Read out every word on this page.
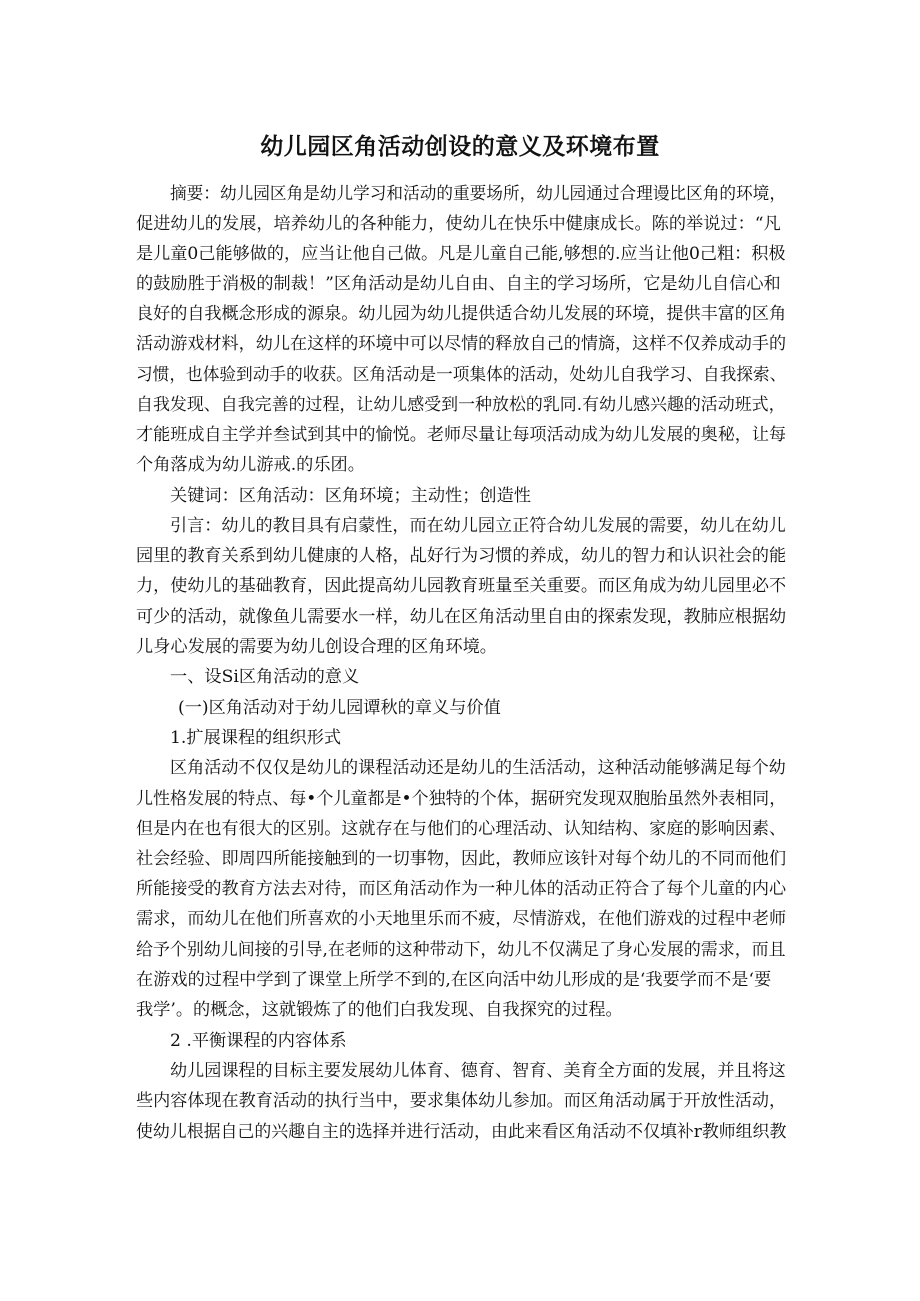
幼儿园区角活动创设的意义及环境布置

摘要：幼儿园区角是幼儿学习和活动的重要场所，幼儿园通过合理谩比区角的环境，

促进幼儿的发展，培养幼儿的各种能力，使幼儿在快乐中健康成长。陈的举说过：“凡

是儿童0己能够做的，应当让他自己做。凡是儿童自己能,够想的.应当让他0己粗：积极

的鼓励胜于消极的制裁！”区角活动是幼儿自由、自主的学习场所，它是幼儿自信心和

良好的自我概念形成的源泉。幼儿园为幼儿提供适合幼儿发展的环境，提供丰富的区角

活动游戏材料，幼儿在这样的环境中可以尽情的释放自己的情旖，这样不仅养成动手的

习惯，也体验到动手的收获。区角活动是一项集体的活动，处幼儿自我学习、自我探索、

自我发现、自我完善的过程，让幼儿感受到一种放松的乳同.有幼儿感兴趣的活动班式，

才能班成自主学并叁试到其中的愉悦。老师尽量让每项活动成为幼儿发展的奥秘，让每

个角落成为幼儿游戒.的乐团。

关键词：区角活动：区角环境；主动性；创造性

引言：幼儿的教目具有启蒙性，而在幼儿园立正符合幼儿发展的需要，幼儿在幼儿

园里的教育关系到幼儿健康的人格，乩好行为习惯的养成，幼儿的智力和认识社会的能

力，使幼儿的基础教育，因此提高幼儿园教育班量至关重要。而区角成为幼儿园里必不

可少的活动，就像鱼儿需要水一样，幼儿在区角活动里自由的探索发现，教肺应根据幼

儿身心发展的需要为幼儿创设合理的区角环境。

一、设Si区角活动的意义

(一)区角活动对于幼儿园谭秋的章义与价值

1.扩展课程的组织形式

区角活动不仅仅是幼儿的课程活动还是幼儿的生活活动，这种活动能够满足每个幼

儿性格发展的特点、每•个儿童都是•个独特的个体，据研究发现双胞胎虽然外表相同，

但是内在也有很大的区别。这就存在与他们的心理活动、认知结构、家庭的影响因素、

社会经验、即周四所能接触到的一切事物，因此，教师应该针对每个幼儿的不同而他们

所能接受的教育方法去对待，而区角活动作为一种儿体的活动正符合了每个儿童的内心

需求，而幼儿在他们所喜欢的小天地里乐而不疲，尽情游戏，在他们游戏的过程中老师

给予个别幼儿间接的引导,在老师的这种带动下，幼儿不仅满足了身心发展的需求，而且

在游戏的过程中学到了课堂上所学不到的,在区向活中幼儿形成的是‘我要学而不是‘要

我学’。的概念，这就锻炼了的他们白我发现、自我探究的过程。

2 .平衡课程的内容体系

幼儿园课程的目标主要发展幼儿体育、德育、智育、美育全方面的发展，并且将这

些内容体现在教育活动的执行当中，要求集体幼儿参加。而区角活动属于开放性活动，

使幼儿根据自己的兴趣自主的选择并进行活动，由此来看区角活动不仅填补r教师组织教
